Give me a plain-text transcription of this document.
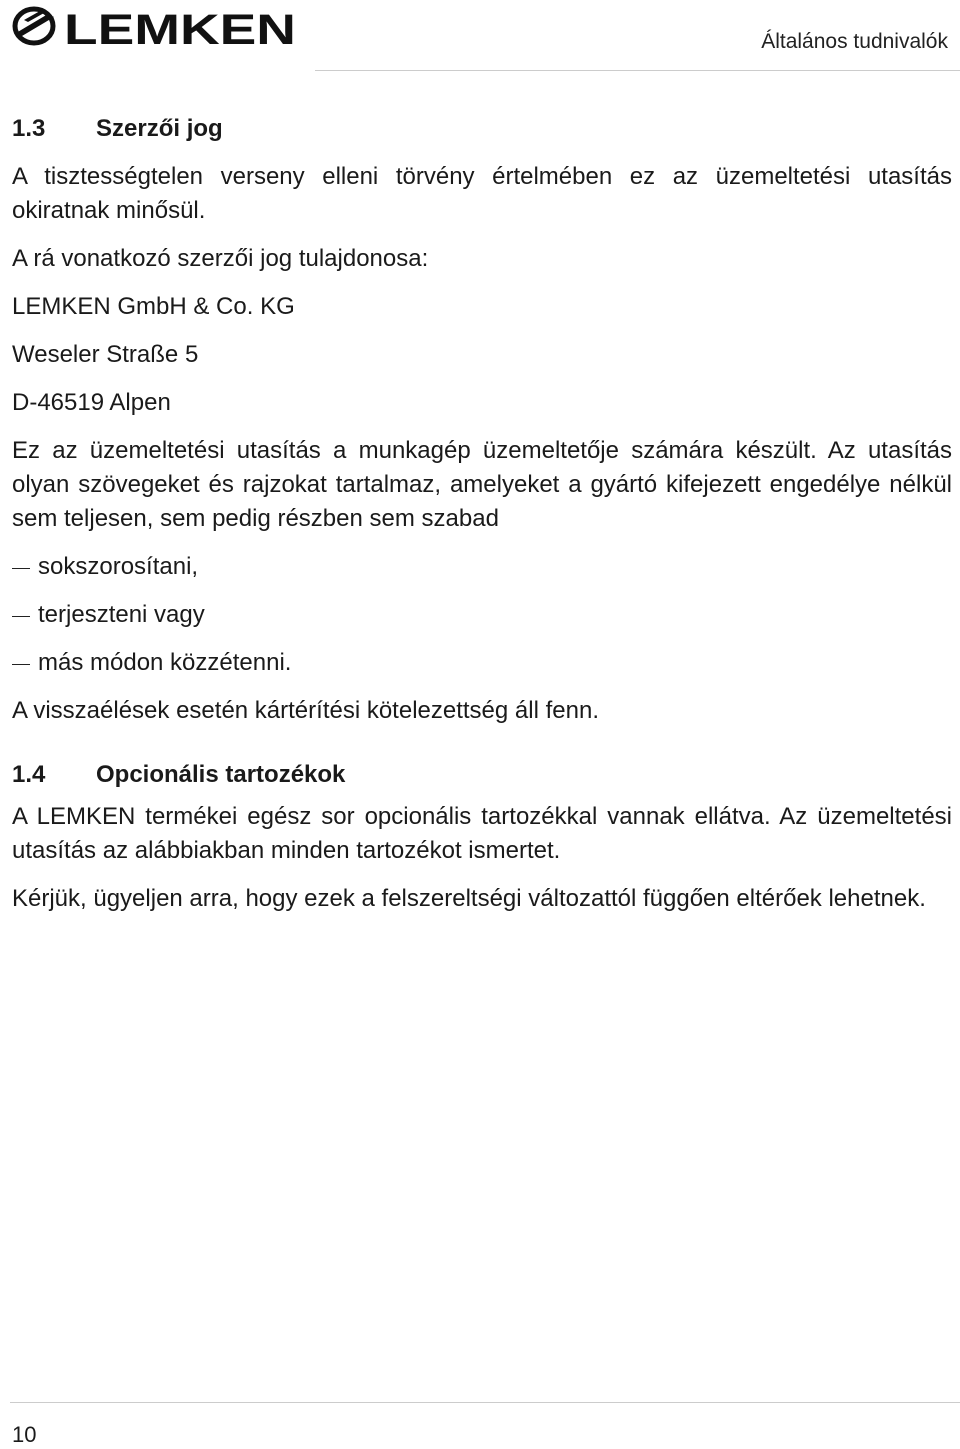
LEMKEN	Általános tudnivalók
1.3 Szerzői jog

A tisztességtelen verseny elleni törvény értelmében ez az üzemeltetési utasítás okiratnak minősül.

A rá vonatkozó szerzői jog tulajdonosa:

LEMKEN GmbH & Co. KG

Weseler Straße 5

D-46519 Alpen

Ez az üzemeltetési utasítás a munkagép üzemeltetője számára készült. Az utasítás olyan szövegeket és rajzokat tartalmaz, amelyeket a gyártó kifejezett engedélye nélkül sem teljesen, sem pedig részben sem szabad

sokszorosítani,
terjeszteni vagy
más módon közzétenni.

A visszaélések esetén kártérítési kötelezettség áll fenn.

1.4 Opcionális tartozékok

A LEMKEN termékei egész sor opcionális tartozékkal vannak ellátva. Az üzemeltetési utasítás az alábbiakban minden tartozékot ismertet.

Kérjük, ügyeljen arra, hogy ezek a felszereltségi változattól függően eltérőek lehetnek.

10
